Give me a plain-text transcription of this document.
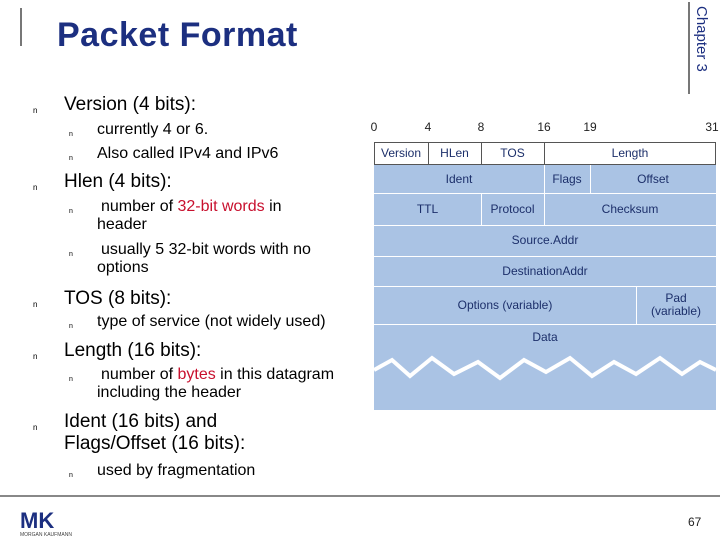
Packet Format	Chapter 3
n Version (4 bits):
n currently 4 or 6.
n Also called IPv4 and IPv6
n Hlen (4 bits):
n number of 32-bit words in
header
n usually 5 32-bit words with no
options
n TOS (8 bits):
n type of service (not widely used)
n Length (16 bits):
n number of bytes in this datagram
including the header
n Ident (16 bits) and
Flags/Offset (16 bits):
n used by fragmentation
0	4	8	16	19	31
Version	HLen	TOS	Length
Ident	Flags	Offset
TTL	Protocol	Checksum
Source.Addr
DestinationAddr
Options (variable)	Pad
(variable)
Data
MK
MORGAN KAUFMANN
67
